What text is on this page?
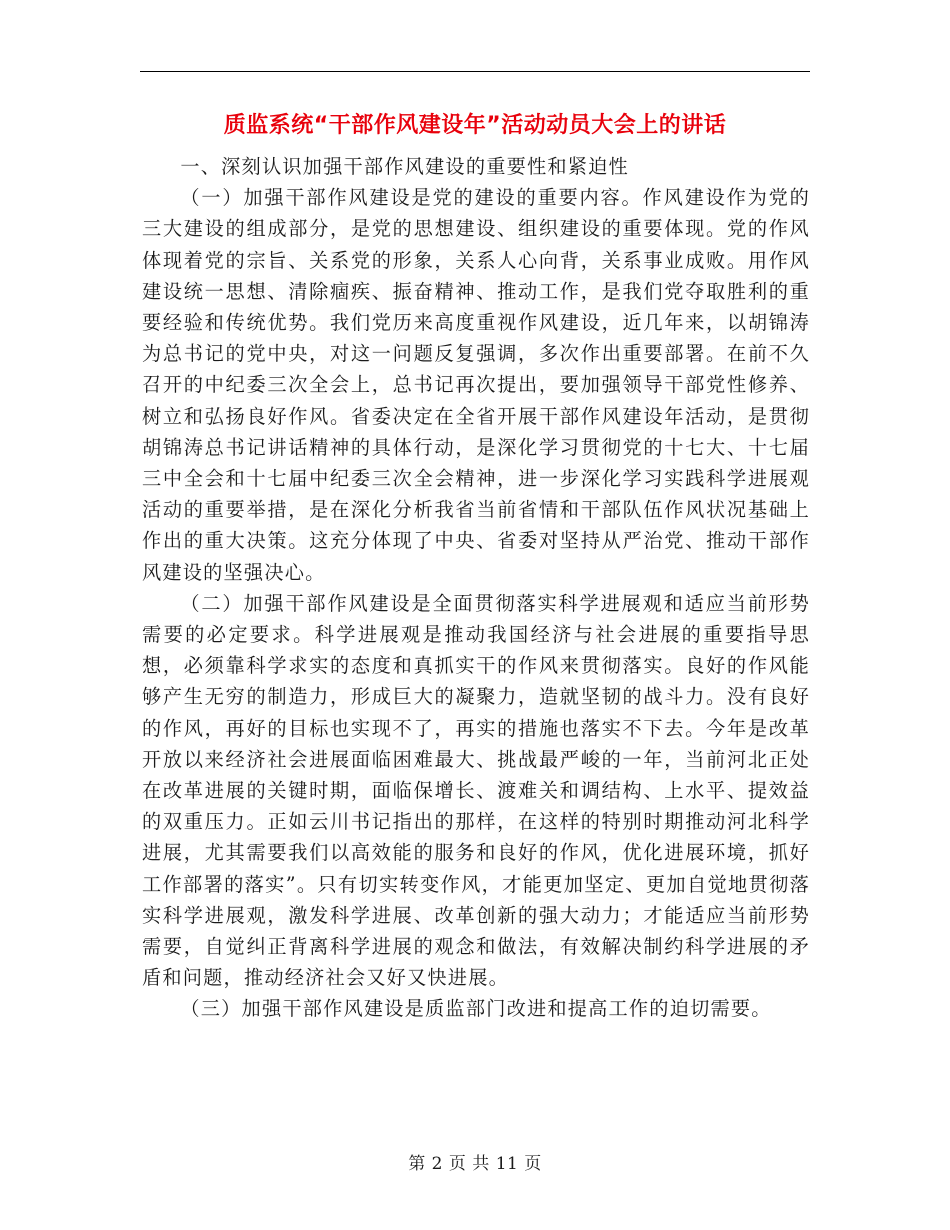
质监系统“干部作风建设年”活动动员大会上的讲话

一、深刻认识加强干部作风建设的重要性和紧迫性

（一）加强干部作风建设是党的建设的重要内容。作风建设作为党的三大建设的组成部分，是党的思想建设、组织建设的重要体现。党的作风体现着党的宗旨、关系党的形象，关系人心向背，关系事业成败。用作风建设统一思想、清除痼疾、振奋精神、推动工作，是我们党夺取胜利的重要经验和传统优势。我们党历来高度重视作风建设，近几年来，以胡锦涛为总书记的党中央，对这一问题反复强调，多次作出重要部署。在前不久召开的中纪委三次全会上，总书记再次提出，要加强领导干部党性修养、树立和弘扬良好作风。省委决定在全省开展干部作风建设年活动，是贯彻胡锦涛总书记讲话精神的具体行动，是深化学习贯彻党的十七大、十七届三中全会和十七届中纪委三次全会精神，进一步深化学习实践科学进展观活动的重要举措，是在深化分析我省当前省情和干部队伍作风状况基础上作出的重大决策。这充分体现了中央、省委对坚持从严治党、推动干部作风建设的坚强决心。

（二）加强干部作风建设是全面贯彻落实科学进展观和适应当前形势需要的必定要求。科学进展观是推动我国经济与社会进展的重要指导思想，必须靠科学求实的态度和真抓实干的作风来贯彻落实。良好的作风能够产生无穷的制造力，形成巨大的凝聚力，造就坚韧的战斗力。没有良好的作风，再好的目标也实现不了，再实的措施也落实不下去。今年是改革开放以来经济社会进展面临困难最大、挑战最严峻的一年，当前河北正处在改革进展的关键时期，面临保增长、渡难关和调结构、上水平、提效益的双重压力。正如云川书记指出的那样，在这样的特别时期推动河北科学进展，尤其需要我们以高效能的服务和良好的作风，优化进展环境，抓好工作部署的落实”。只有切实转变作风，才能更加坚定、更加自觉地贯彻落实科学进展观，激发科学进展、改革创新的强大动力；才能适应当前形势需要，自觉纠正背离科学进展的观念和做法，有效解决制约科学进展的矛盾和问题，推动经济社会又好又快进展。

（三）加强干部作风建设是质监部门改进和提高工作的迫切需要。

第 2 页 共 11 页
